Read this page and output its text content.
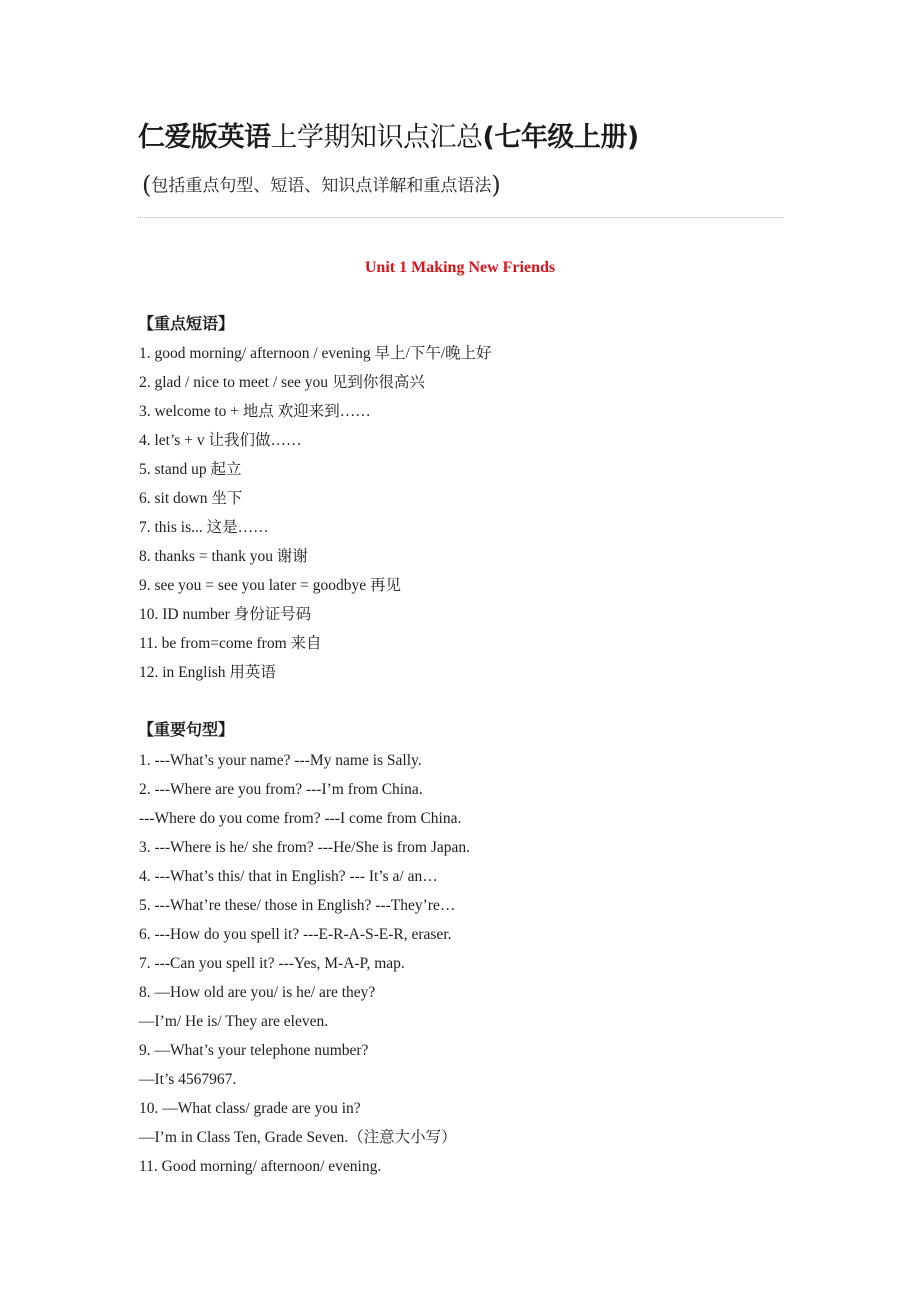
仁爱版英语上学期知识点汇总(七年级上册)
(包括重点句型、短语、知识点详解和重点语法)
Unit 1 Making New Friends
【重点短语】
1. good morning/ afternoon / evening 早上/下午/晚上好
2. glad / nice to meet / see you 见到你很高兴
3. welcome to + 地点 欢迎来到……
4. let’s + v 让我们做……
5. stand up 起立
6. sit down 坐下
7. this is... 这是……
8. thanks = thank you 谢谢
9. see you = see you later = goodbye 再见
10. ID number 身份证号码
11. be from=come from 来自
12. in English 用英语
【重要句型】
1. ---What’s your name? ---My name is Sally.
2. ---Where are you from? ---I’m from China.
---Where do you come from? ---I come from China.
3. ---Where is he/ she from? ---He/She is from Japan.
4. ---What’s this/ that in English? --- It’s a/ an…
5. ---What’re these/ those in English? ---They’re…
6. ---How do you spell it? ---E-R-A-S-E-R, eraser.
7. ---Can you spell it? ---Yes, M-A-P, map.
8. —How old are you/ is he/ are they?
—I’m/ He is/ They are eleven.
9. —What’s your telephone number?
—It’s 4567967.
10. —What class/ grade are you in?
—I’m in Class Ten, Grade Seven.（注意大小写）
11. Good morning/ afternoon/ evening.
